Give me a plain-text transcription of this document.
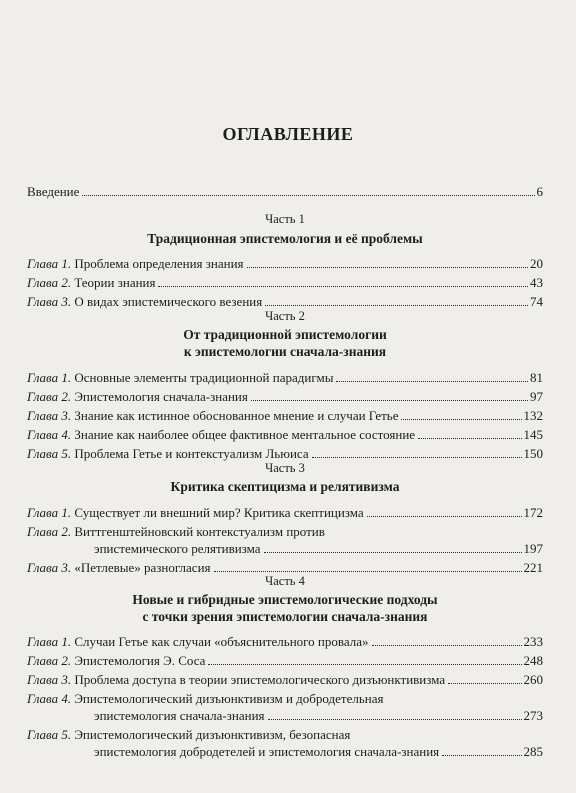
ОГЛАВЛЕНИЕ
Введение	6
Часть 1
Традиционная эпистемология и её проблемы
Глава 1. Проблема определения знания	20
Глава 2. Теории знания	43
Глава 3. О видах эпистемического везения	74
Часть 2
От традиционной эпистемологии
к эпистемологии сначала-знания
Глава 1. Основные элементы традиционной парадигмы	81
Глава 2. Эпистемология сначала-знания	97
Глава 3. Знание как истинное обоснованное мнение и случаи Гетье	132
Глава 4. Знание как наиболее общее фактивное ментальное состояние	145
Глава 5. Проблема Гетье и контекстуализм Льюиса	150
Часть 3
Критика скептицизма и релятивизма
Глава 1. Существует ли внешний мир? Критика скептицизма	172
Глава 2. Виттгенштейновский контекстуализм против
эпистемического релятивизма	197
Глава 3. «Петлевые» разногласия	221
Часть 4
Новые и гибридные эпистемологические подходы
с точки зрения эпистемологии сначала-знания
Глава 1. Случаи Гетье как случаи «объяснительного провала»	233
Глава 2. Эпистемология Э. Соса	248
Глава 3. Проблема доступа в теории эпистемологического дизъюнктивизма	260
Глава 4. Эпистемологический дизъюнктивизм и добродетельная
эпистемология сначала-знания	273
Глава 5. Эпистемологический дизъюнктивизм, безопасная
эпистемология добродетелей и эпистемология сначала-знания	285
